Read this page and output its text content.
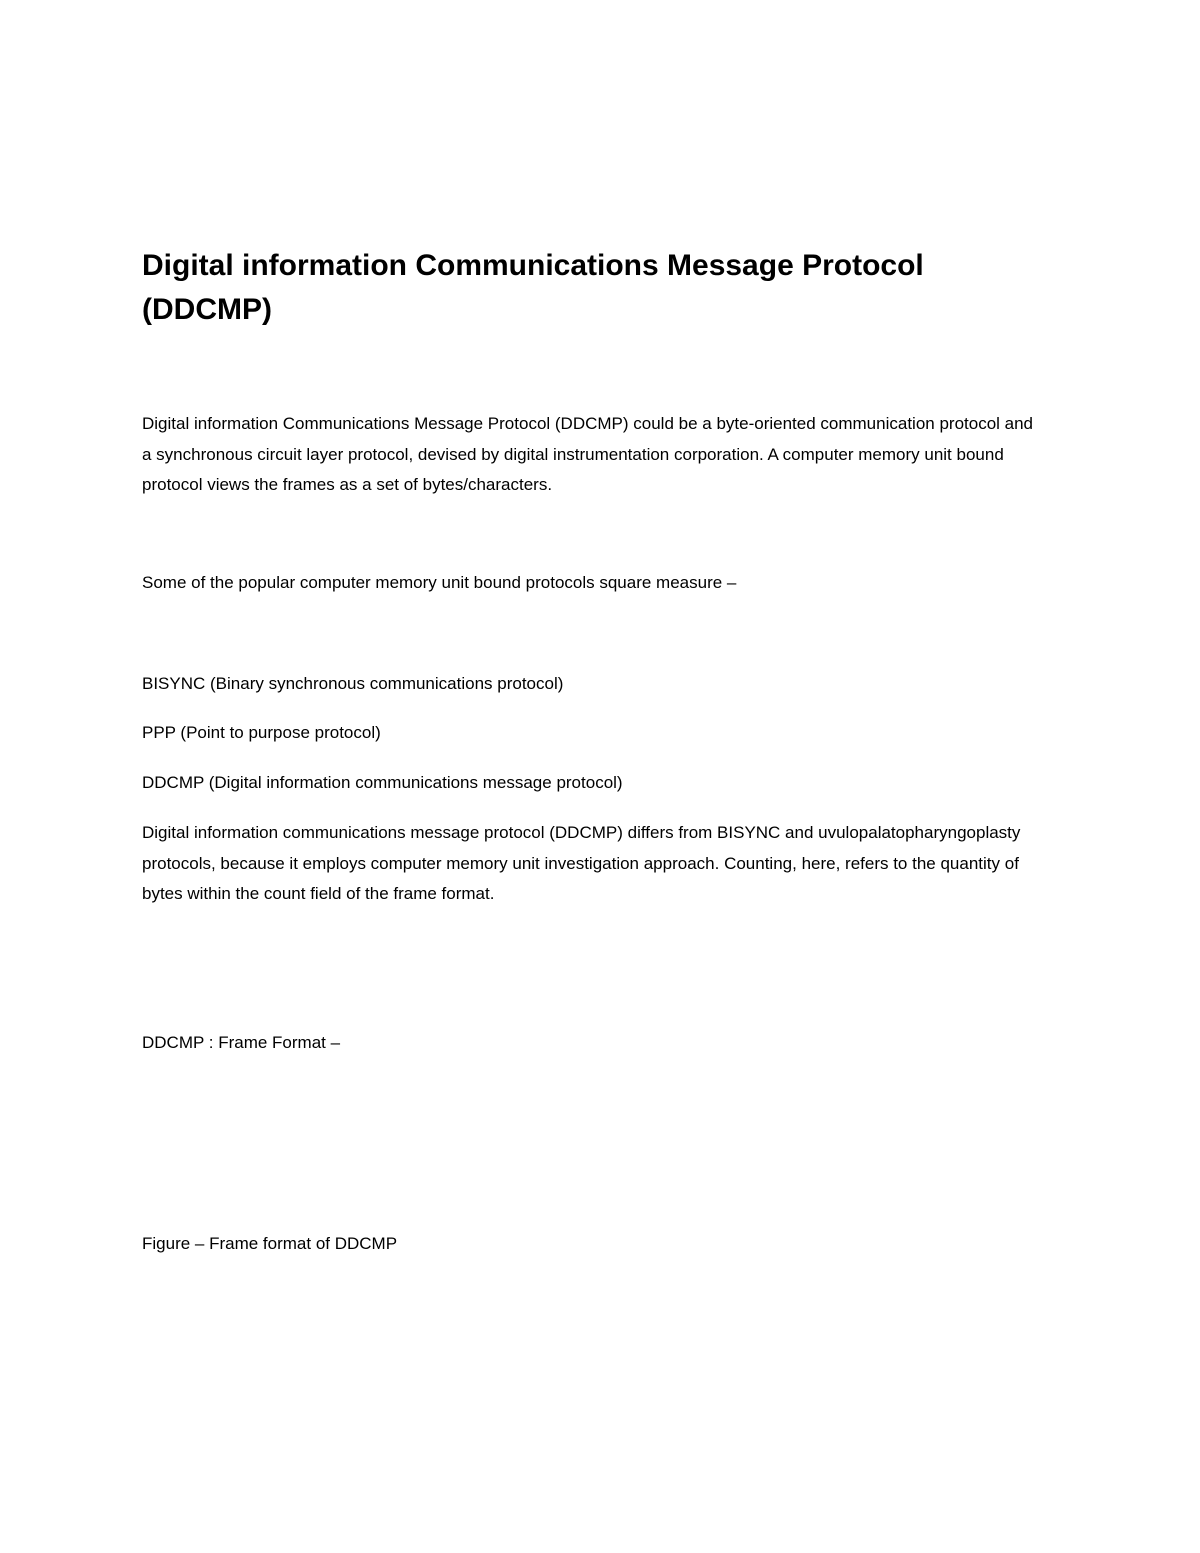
Digital information Communications Message Protocol (DDCMP)

Digital information Communications Message Protocol (DDCMP) could be a byte-oriented communication protocol and a synchronous circuit layer protocol, devised by digital instrumentation corporation. A computer memory unit bound protocol views the frames as a set of bytes/characters.

Some of the popular computer memory unit bound protocols square measure –

BISYNC (Binary synchronous communications protocol)

PPP (Point to purpose protocol)

DDCMP (Digital information communications message protocol)

Digital information communications message protocol (DDCMP) differs from BISYNC and uvulopalatopharyngoplasty protocols, because it employs computer memory unit investigation approach. Counting, here, refers to the quantity of bytes within the count field of the frame format.

DDCMP : Frame Format –

Figure – Frame format of DDCMP
